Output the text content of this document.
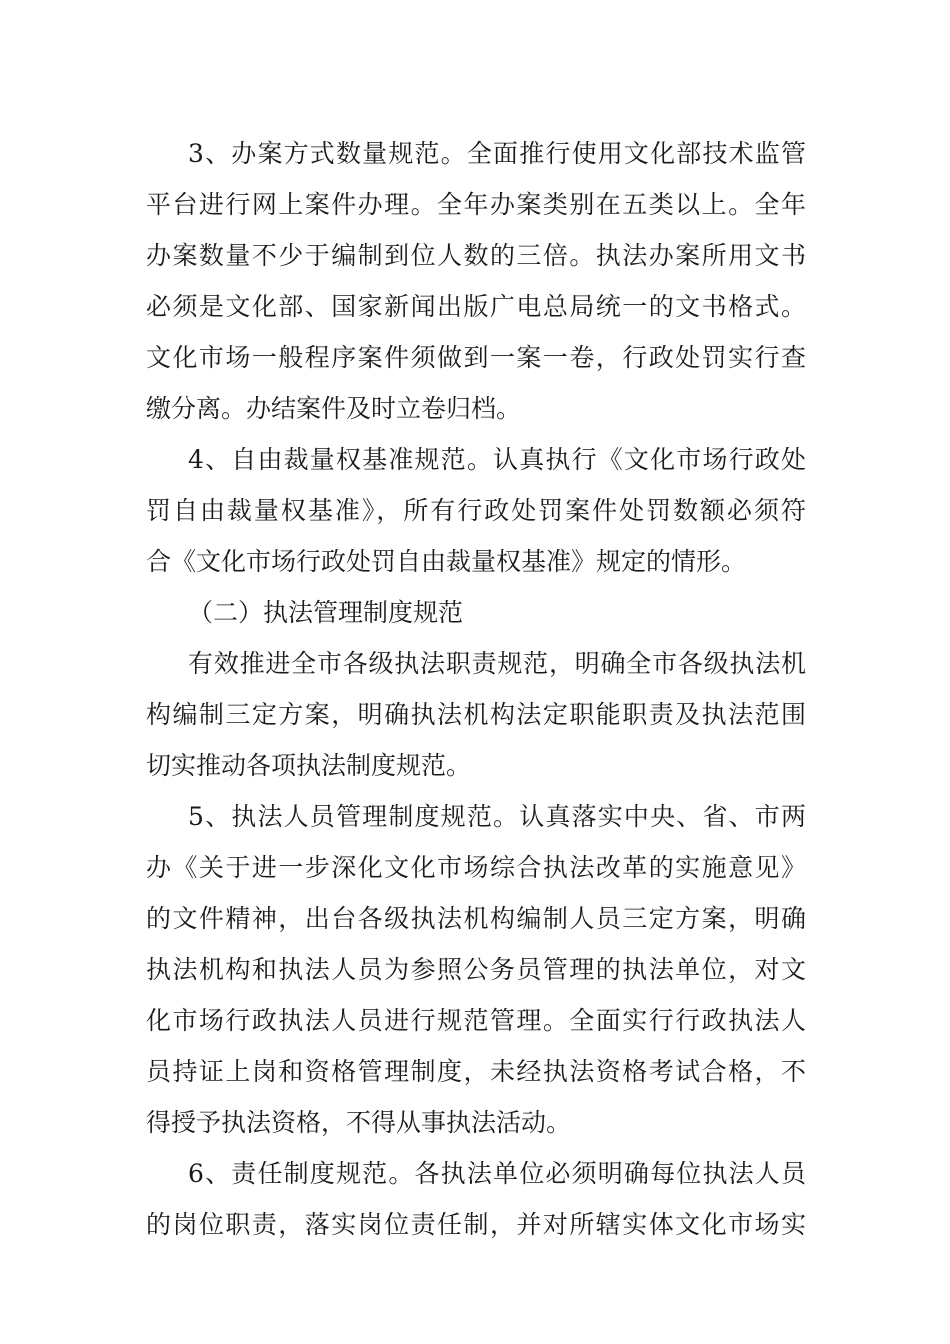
3、办案方式数量规范。全面推行使用文化部技术监管
平台进行网上案件办理。全年办案类别在五类以上。全年
办案数量不少于编制到位人数的三倍。执法办案所用文书
必须是文化部、国家新闻出版广电总局统一的文书格式。
文化市场一般程序案件须做到一案一卷，行政处罚实行查
缴分离。办结案件及时立卷归档。
4、自由裁量权基准规范。认真执行《文化市场行政处
罚自由裁量权基准》，所有行政处罚案件处罚数额必须符
合《文化市场行政处罚自由裁量权基准》规定的情形。
（二）执法管理制度规范
有效推进全市各级执法职责规范，明确全市各级执法机
构编制三定方案，明确执法机构法定职能职责及执法范围
切实推动各项执法制度规范。
5、执法人员管理制度规范。认真落实中央、省、市两
办《关于进一步深化文化市场综合执法改革的实施意见》
的文件精神，出台各级执法机构编制人员三定方案，明确
执法机构和执法人员为参照公务员管理的执法单位，对文
化市场行政执法人员进行规范管理。全面实行行政执法人
员持证上岗和资格管理制度，未经执法资格考试合格，不
得授予执法资格，不得从事执法活动。
6、责任制度规范。各执法单位必须明确每位执法人员
的岗位职责，落实岗位责任制，并对所辖实体文化市场实
